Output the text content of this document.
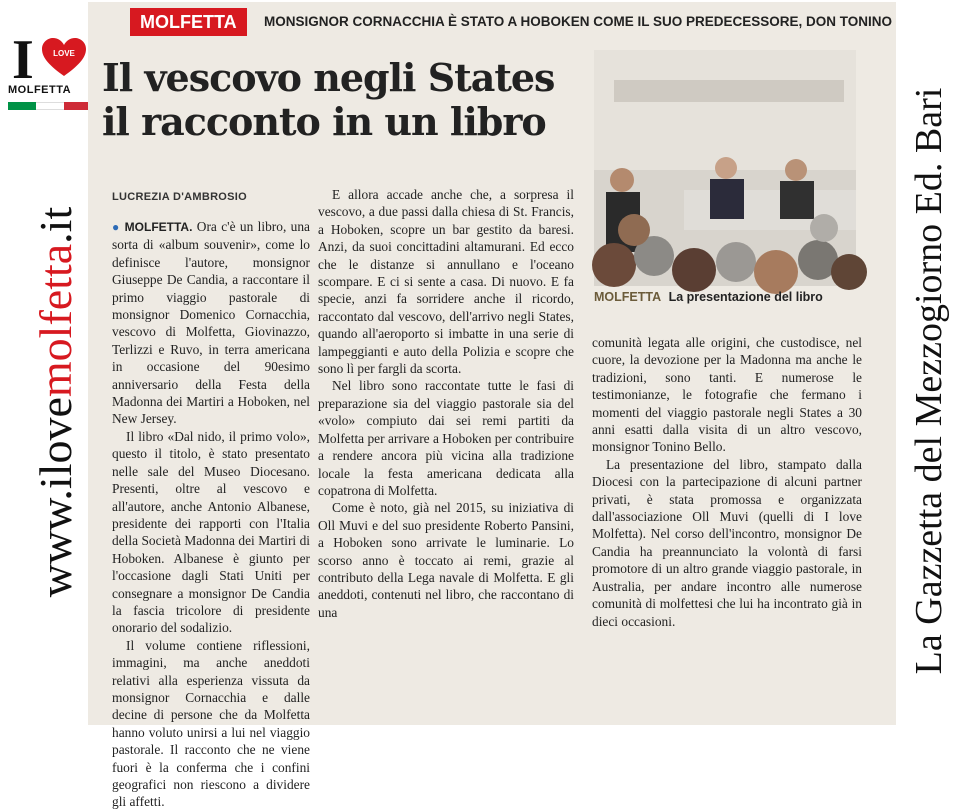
I LOVE
MOLFETTA
www.ilovemolfetta.it
MOLFETTA	MONSIGNOR CORNACCHIA È STATO A HOBOKEN COME IL SUO PREDECESSORE, DON TONINO
Il vescovo negli States
il racconto in un libro
LUCREZIA D'AMBROSIO
MOLFETTA La presentazione del libro

● MOLFETTA. Ora c'è un libro, una sorta di «album souvenir», come lo definisce l'autore, monsignor Giuseppe De Candia, a raccontare il primo viaggio pastorale di monsignor Domenico Cornacchia, vescovo di Molfetta, Giovinazzo, Terlizzi e Ruvo, in terra americana in occasione del 90esimo anniversario della Festa della Madonna dei Martiri a Hoboken, nel New Jersey.

Il libro «Dal nido, il primo volo», questo il titolo, è stato presentato nelle sale del Museo Diocesano. Presenti, oltre al vescovo e all'autore, anche Antonio Albanese, presidente dei rapporti con l'Italia della Società Madonna dei Martiri di Hoboken. Albanese è giunto per l'occasione dagli Stati Uniti per consegnare a monsignor De Candia la fascia tricolore di presidente onorario del sodalizio.

Il volume contiene riflessioni, immagini, ma anche aneddoti relativi alla esperienza vissuta da monsignor Cornacchia e dalle decine di persone che da Molfetta hanno voluto unirsi a lui nel viaggio pastorale. Il racconto che ne viene fuori è la conferma che i confini geografici non riescono a dividere gli affetti.

E allora accade anche che, a sorpresa il vescovo, a due passi dalla chiesa di St. Francis, a Hoboken, scopre un bar gestito da baresi. Anzi, da suoi concittadini altamurani. Ed ecco che le distanze si annullano e l'oceano scompare. E ci si sente a casa. Di nuovo. E fa specie, anzi fa sorridere anche il ricordo, raccontato dal vescovo, dell'arrivo negli States, quando all'aeroporto si imbatte in una serie di lampeggianti e auto della Polizia e scopre che sono lì per fargli da scorta.

Nel libro sono raccontate tutte le fasi di preparazione sia del viaggio pastorale sia del «volo» compiuto dai sei remi partiti da Molfetta per arrivare a Hoboken per contribuire a rendere ancora più vicina alla tradizione locale la festa americana dedicata alla copatrona di Molfetta.

Come è noto, già nel 2015, su iniziativa di Oll Muvi e del suo presidente Roberto Pansini, a Hoboken sono arrivate le luminarie. Lo scorso anno è toccato ai remi, grazie al contributo della Lega navale di Molfetta. E gli aneddoti, contenuti nel libro, che raccontano di una

comunità legata alle origini, che custodisce, nel cuore, la devozione per la Madonna ma anche le tradizioni, sono tanti. E numerose le testimonianze, le fotografie che fermano i momenti del viaggio pastorale negli States a 30 anni esatti dalla visita di un altro vescovo, monsignor Tonino Bello.

La presentazione del libro, stampato dalla Diocesi con la partecipazione di alcuni partner privati, è stata promossa e organizzata dall'associazione Oll Muvi (quelli di I love Molfetta). Nel corso dell'incontro, monsignor De Candia ha preannunciato la volontà di farsi promotore di un altro grande viaggio pastorale, in Australia, per andare incontro alle numerose comunità di molfettesi che lui ha incontrato già in dieci occasioni.	La Gazzetta del Mezzogiorno Ed. Bari
